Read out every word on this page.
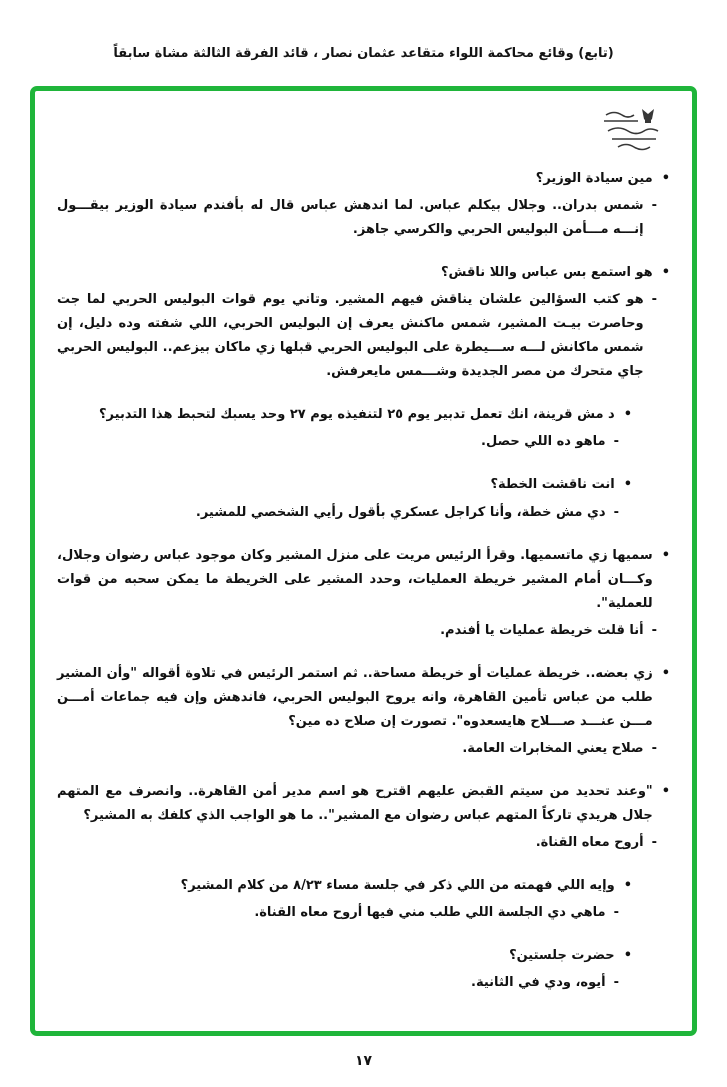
(تابع) وقائع محاكمة اللواء متقاعد عثمان نصار ، قائد الفرقة الثالثة مشاة سابقاً
•
مين سيادة الوزير؟
-
شمس بدران.. وجلال بيكلم عباس. لما اندهش عباس قال له بأفندم سيادة الوزير بيقـــول إنـــه مـــأمن البوليس الحربي والكرسي جاهز.
•
هو استمع بس عباس واللا ناقش؟
-
هو كتب السؤالين علشان يناقش فيهم المشير. وتاني يوم قوات البوليس الحربي لما جت وحاصرت بيـت المشير، شمس ماكنش يعرف إن البوليس الحربي، اللي شفته وده دليل، إن شمس ماكانش لـــه ســـيطرة على البوليس الحربي قبلها زي ماكان بيزعم.. البوليس الحربي جاي متحرك من مصر الجديدة وشـــمس مايعرفش.
•
د مش قرينة، انك تعمل تدبير يوم ٢٥ لتنفيذه يوم ٢٧ وحد يسبك لتحبط هذا التدبير؟
-
ماهو ده اللي حصل.
•
انت ناقشت الخطة؟
-
دي مش خطة، وأنا كراجل عسكري بأقول رأيي الشخصي للمشير.
•
سميها زي ماتسميها. وقرأ الرئيس مريت على منزل المشير وكان موجود عباس رضوان وجلال، وكـــان أمام المشير خريطة العمليات، وحدد المشير على الخريطة ما يمكن سحبه من قوات للعملية".
-
أنا قلت خريطة عمليات يا أفندم.
•
زي بعضه.. خريطة عمليات أو خريطة مساحة.. ثم استمر الرئيس في تلاوة أقواله "وأن المشير طلب من عباس تأمين القاهرة، وانه يروح البوليس الحربي، فاندهش وإن فيه جماعات أمـــن مـــن عنـــد صـــلاح هايسعدوه". تصورت إن صلاح ده مين؟
-
صلاح يعني المخابرات العامة.
•
"وعند تحديد من سيتم القبض عليهم اقترح هو اسم مدير أمن القاهرة.. وانصرف مع المتهم جلال هريدي تاركاً المتهم عباس رضوان مع المشير".. ما هو الواجب الذي كلفك به المشير؟
-
أروح معاه القناة.
•
وإيه اللي فهمته من اللي ذكر في جلسة مساء ٨/٢٣ من كلام المشير؟
-
ماهي دي الجلسة اللي طلب مني فيها أروح معاه القناة.
•
حضرت جلستين؟
-
أيوه، ودي في الثانية.
١٧
